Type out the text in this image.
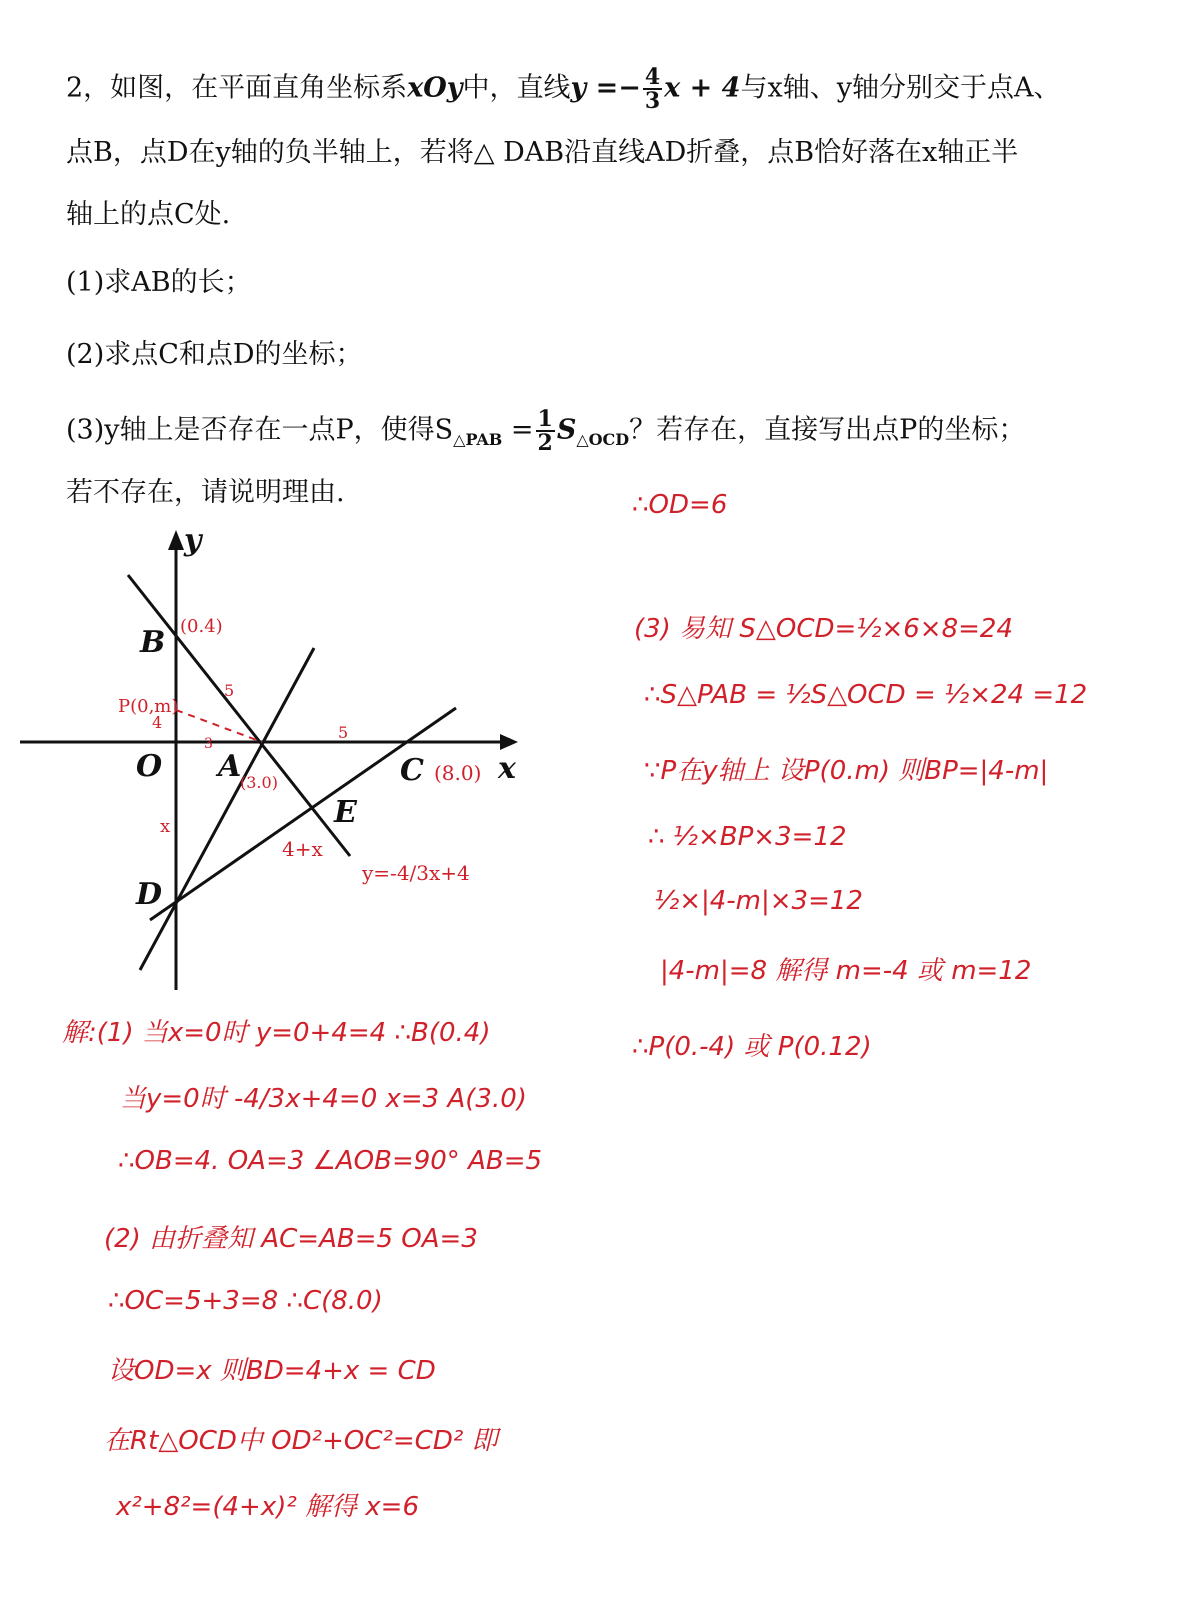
2，如图，在平面直角坐标系xOy中，直线$y =- \frac{4}{3}$ x + 4与x轴、y轴分别交于点A、
点B，点D在y轴的负半轴上，若将△ DAB沿直线AD折叠，点B恰好落在x轴正半
轴上的点C处.
(1)求AB的长；
(2)求点C和点D的坐标；
(3)y轴上是否存在一点P，使得$S_{\triangle PAB} = \frac{1}{2} S_{\triangle OCD}$？若存在，直接写出点P的坐标；
若不存在，请说明理由.
y
x
B
O A	C
E
D
(0.4)
P(0,m)
4
5
3
5
(3.0)	(8.0)
x
4+x
y=-4/3x+4
解:(1) 当x=0时 y=0+4=4 ∴B(0.4)
当y=0时 -4/3x+4=0 x=3 A(3.0)
∴OB=4. OA=3 ∠AOB=90° AB=5
(2) 由折叠知 AC=AB=5 OA=3
∴OC=5+3=8 ∴C(8.0)
设OD=x 则BD=4+x = CD
在Rt△OCD中 OD²+OC²=CD² 即
x²+8²=(4+x)² 解得 x=6
∴OD=6
(3) 易知 S△OCD=½×6×8=24
∴S△PAB = ½S△OCD = ½×24 =12
∵P在y轴上 设P(0.m) 则BP=|4-m|
∴ ½×BP×3=12
½×|4-m|×3=12
|4-m|=8 解得 m=-4 或 m=12
∴P(0.-4) 或 P(0.12)
